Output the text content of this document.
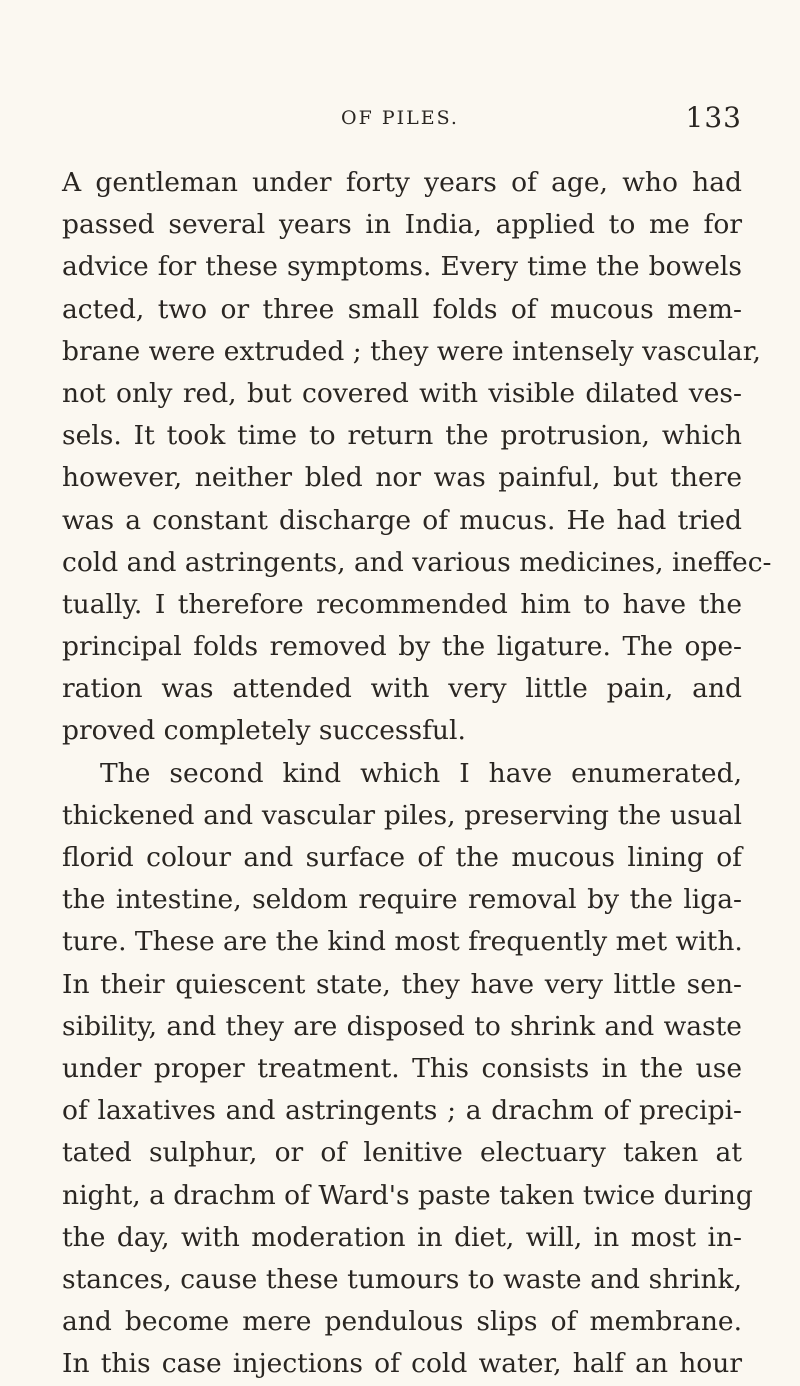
OF PILES.	133
A gentleman under forty years of age, who had
passed several years in India, applied to me for
advice for these symptoms. Every time the bowels
acted, two or three small folds of mucous mem-
brane were extruded ; they were intensely vascular,
not only red, but covered with visible dilated ves-
sels. It took time to return the protrusion, which
however, neither bled nor was painful, but there
was a constant discharge of mucus. He had tried
cold and astringents, and various medicines, ineffec-
tually. I therefore recommended him to have the
principal folds removed by the ligature. The ope-
ration was attended with very little pain, and
proved completely successful.
The second kind which I have enumerated,
thickened and vascular piles, preserving the usual
florid colour and surface of the mucous lining of
the intestine, seldom require removal by the liga-
ture. These are the kind most frequently met with.
In their quiescent state, they have very little sen-
sibility, and they are disposed to shrink and waste
under proper treatment. This consists in the use
of laxatives and astringents ; a drachm of precipi-
tated sulphur, or of lenitive electuary taken at
night, a drachm of Ward's paste taken twice during
the day, with moderation in diet, will, in most in-
stances, cause these tumours to waste and shrink,
and become mere pendulous slips of membrane.
In this case injections of cold water, half an hour
